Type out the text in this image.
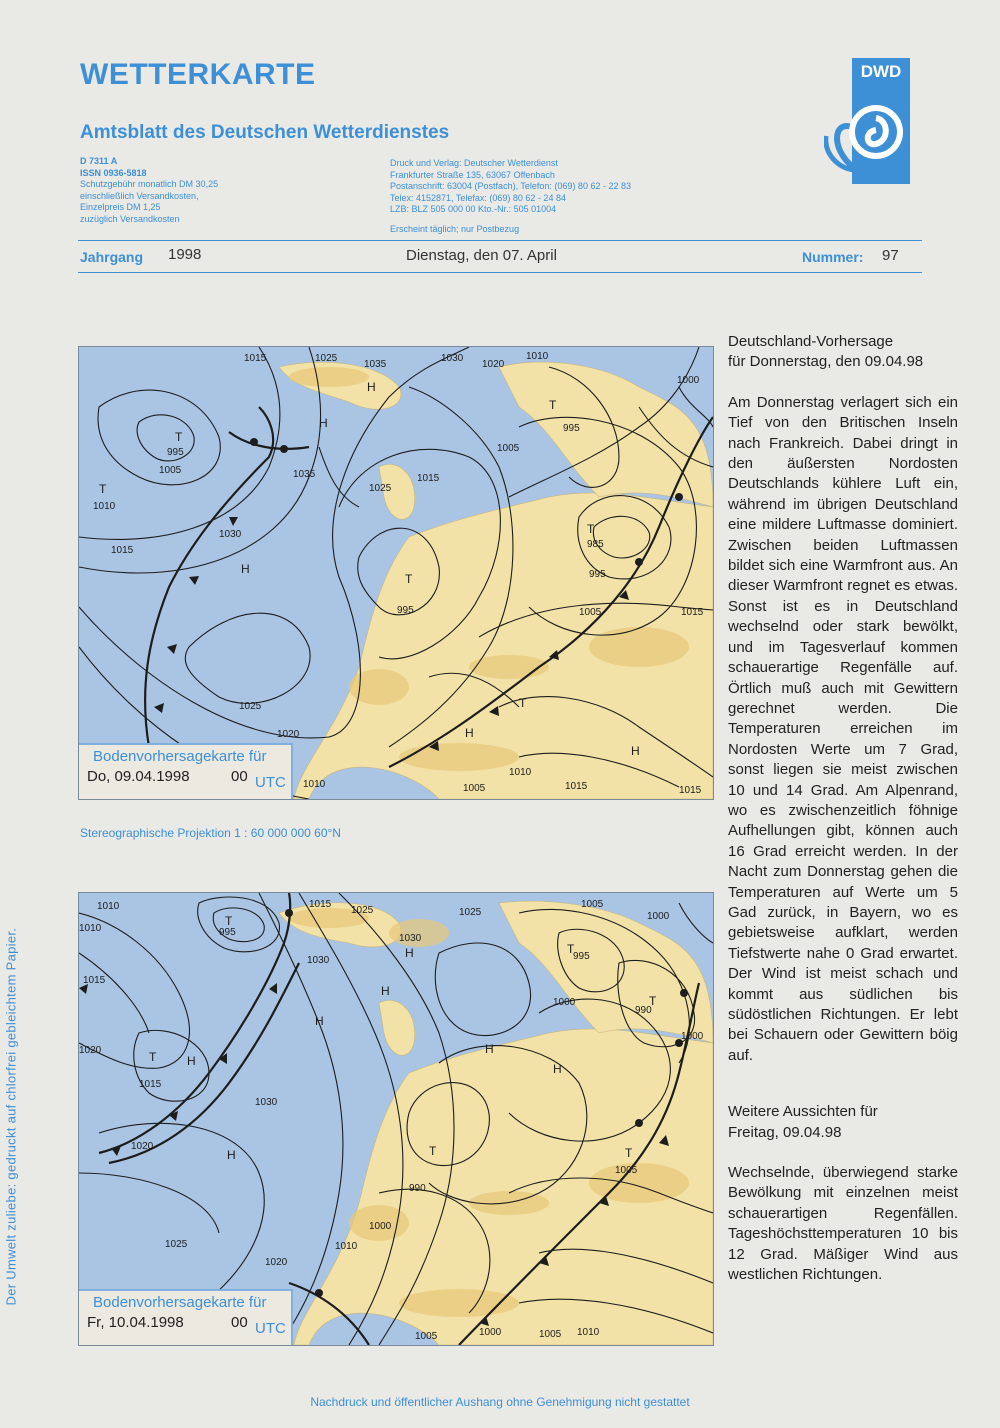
WETTERKARTE
Amtsblatt des Deutschen Wetterdienstes
D 7311 A
ISSN 0936-5818
Schutzgebühr monatlich DM 30,25
einschließlich Versandkosten,
Einzelpreis DM 1,25
zuzüglich Versandkosten
Druck und Verlag: Deutscher Wetterdienst
Frankfurter Straße 135, 63067 Offenbach
Postanschrift: 63004 (Postfach), Telefon: (069) 80 62 - 22 83
Telex: 4152871, Telefax: (069) 80 62 - 24 84
LZB: BLZ 505 000 00 Kto.-Nr.: 505 01004
Erscheint täglich; nur Postbezug
DWD
Jahrgang 1998	Dienstag, den 07. April	Nummer: 97
1015	1025
1035
1030
1020
1010
1000
995
1005
1010
1015
1030
1025
1035
995
985
995
1005
1015
995
1005
1015
1025
1020
1010	1005
1010
1015	1015
H
H
H
H
H
T
T
T
T
T
T
Bodenvorhersagekarte für
Do, 09.04.1998	00 UTC
Stereographische Projektion 1 : 60 000 000 60°N
1010
1010	995
1015
1025	1025
1005
1000
1030
1030	995
1015
1020
1015
1030
1020
1025
1020
1010
1000
990
1005
1000
990
1000
1005	1000	1005 1010
H
H
H
H
H
H
H
T
T
T
T
T	T
Bodenvorhersagekarte für
Fr, 10.04.1998	00 UTC

Deutschland-Vorhersage

für Donnerstag, den 09.04.98

Am Donnerstag verlagert sich ein Tief von den Britischen Inseln nach Frankreich. Dabei dringt in den äußersten Nordosten Deutschlands kühlere Luft ein, während im übrigen Deutschland eine mildere Luftmasse dominiert. Zwischen beiden Luftmassen bildet sich eine Warmfront aus. An dieser Warmfront regnet es etwas. Sonst ist es in Deutschland wechselnd oder stark bewölkt, und im Tagesverlauf kommen schauerartige Regenfälle auf. Örtlich muß auch mit Gewittern gerechnet werden. Die Temperaturen erreichen im Nordosten Werte um 7 Grad, sonst liegen sie meist zwischen 10 und 14 Grad. Am Alpenrand, wo es zwischenzeitlich föhnige Aufhellungen gibt, können auch 16 Grad erreicht werden. In der Nacht zum Donnerstag gehen die Temperaturen auf Werte um 5 Gad zurück, in Bayern, wo es gebietsweise aufklart, werden Tiefstwerte nahe 0 Grad erwartet. Der Wind ist meist schach und kommt aus südlichen bis südöstlichen Richtungen. Er lebt bei Schauern oder Gewittern böig auf.

Weitere Aussichten für

Freitag, 09.04.98

Wechselnde, überwiegend starke Bewölkung mit einzelnen meist schauerartigen Regenfällen. Tageshöchsttemperaturen 10 bis 12 Grad. Mäßiger Wind aus westlichen Richtungen.

Der Umwelt zuliebe: gedruckt auf chlorfrei gebleichtem Papier.
Nachdruck und öffentlicher Aushang ohne Genehmigung nicht gestattet
